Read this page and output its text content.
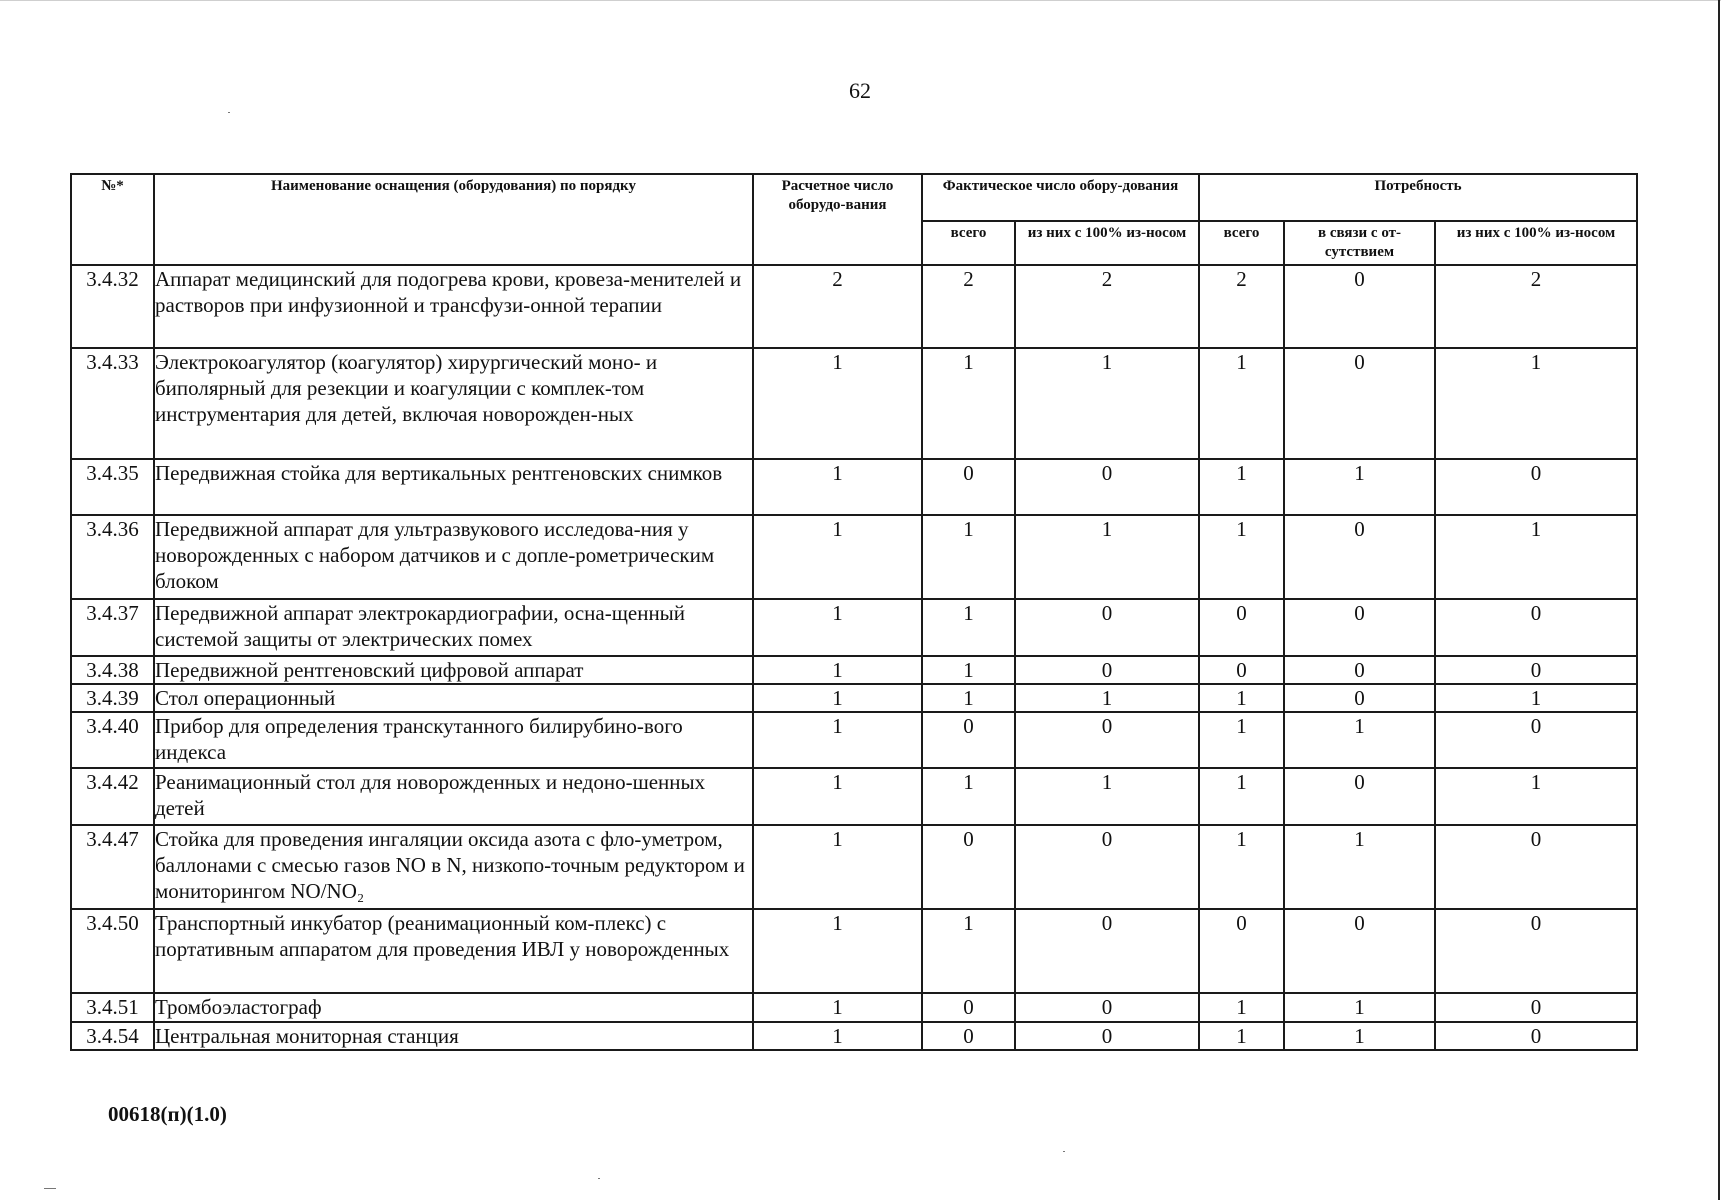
62
№*	Наименование оснащения (оборудования) по порядку	Расчетное число оборудо-вания	Фактическое число обору-дования		Потребность		
			всего	из них с 100% из-носом	всего	в связи с от-сутствием	из них с 100% из-носом
3.4.32	Аппарат медицинский для подогрева крови, кровеза-менителей и растворов при инфузионной и трансфузи-онной терапии	2	2	2	2	0	2
3.4.33	Электрокоагулятор (коагулятор) хирургический моно- и биполярный для резекции и коагуляции с комплек-том инструментария для детей, включая новорожден-ных	1	1	1	1	0	1
3.4.35	Передвижная стойка для вертикальных рентгеновских снимков	1	0	0	1	1	0
3.4.36	Передвижной аппарат для ультразвукового исследова-ния у новорожденных с набором датчиков и с допле-рометрическим блоком	1	1	1	1	0	1
3.4.37	Передвижной аппарат электрокардиографии, осна-щенный системой защиты от электрических помех	1	1	0	0	0	0
3.4.38	Передвижной рентгеновский цифровой аппарат	1	1	0	0	0	0
3.4.39	Стол операционный	1	1	1	1	0	1
3.4.40	Прибор для определения транскутанного билирубино-вого индекса	1	0	0	1	1	0
3.4.42	Реанимационный стол для новорожденных и недоно-шенных детей	1	1	1	1	0	1
3.4.47	Стойка для проведения ингаляции оксида азота с фло-уметром, баллонами с смесью газов NO в N, низкопо-точным редуктором и мониторингом NO/NO₂	1	0	0	1	1	0
3.4.50	Транспортный инкубатор (реанимационный ком-плекс) с портативным аппаратом для проведения ИВЛ у новорожденных	1	1	0	0	0	0
3.4.51	Тромбоэластограф	1	0	0	1	1	0
3.4.54	Центральная мониторная станция	1	0	0	1	1	0
00618(п)(1.0)
